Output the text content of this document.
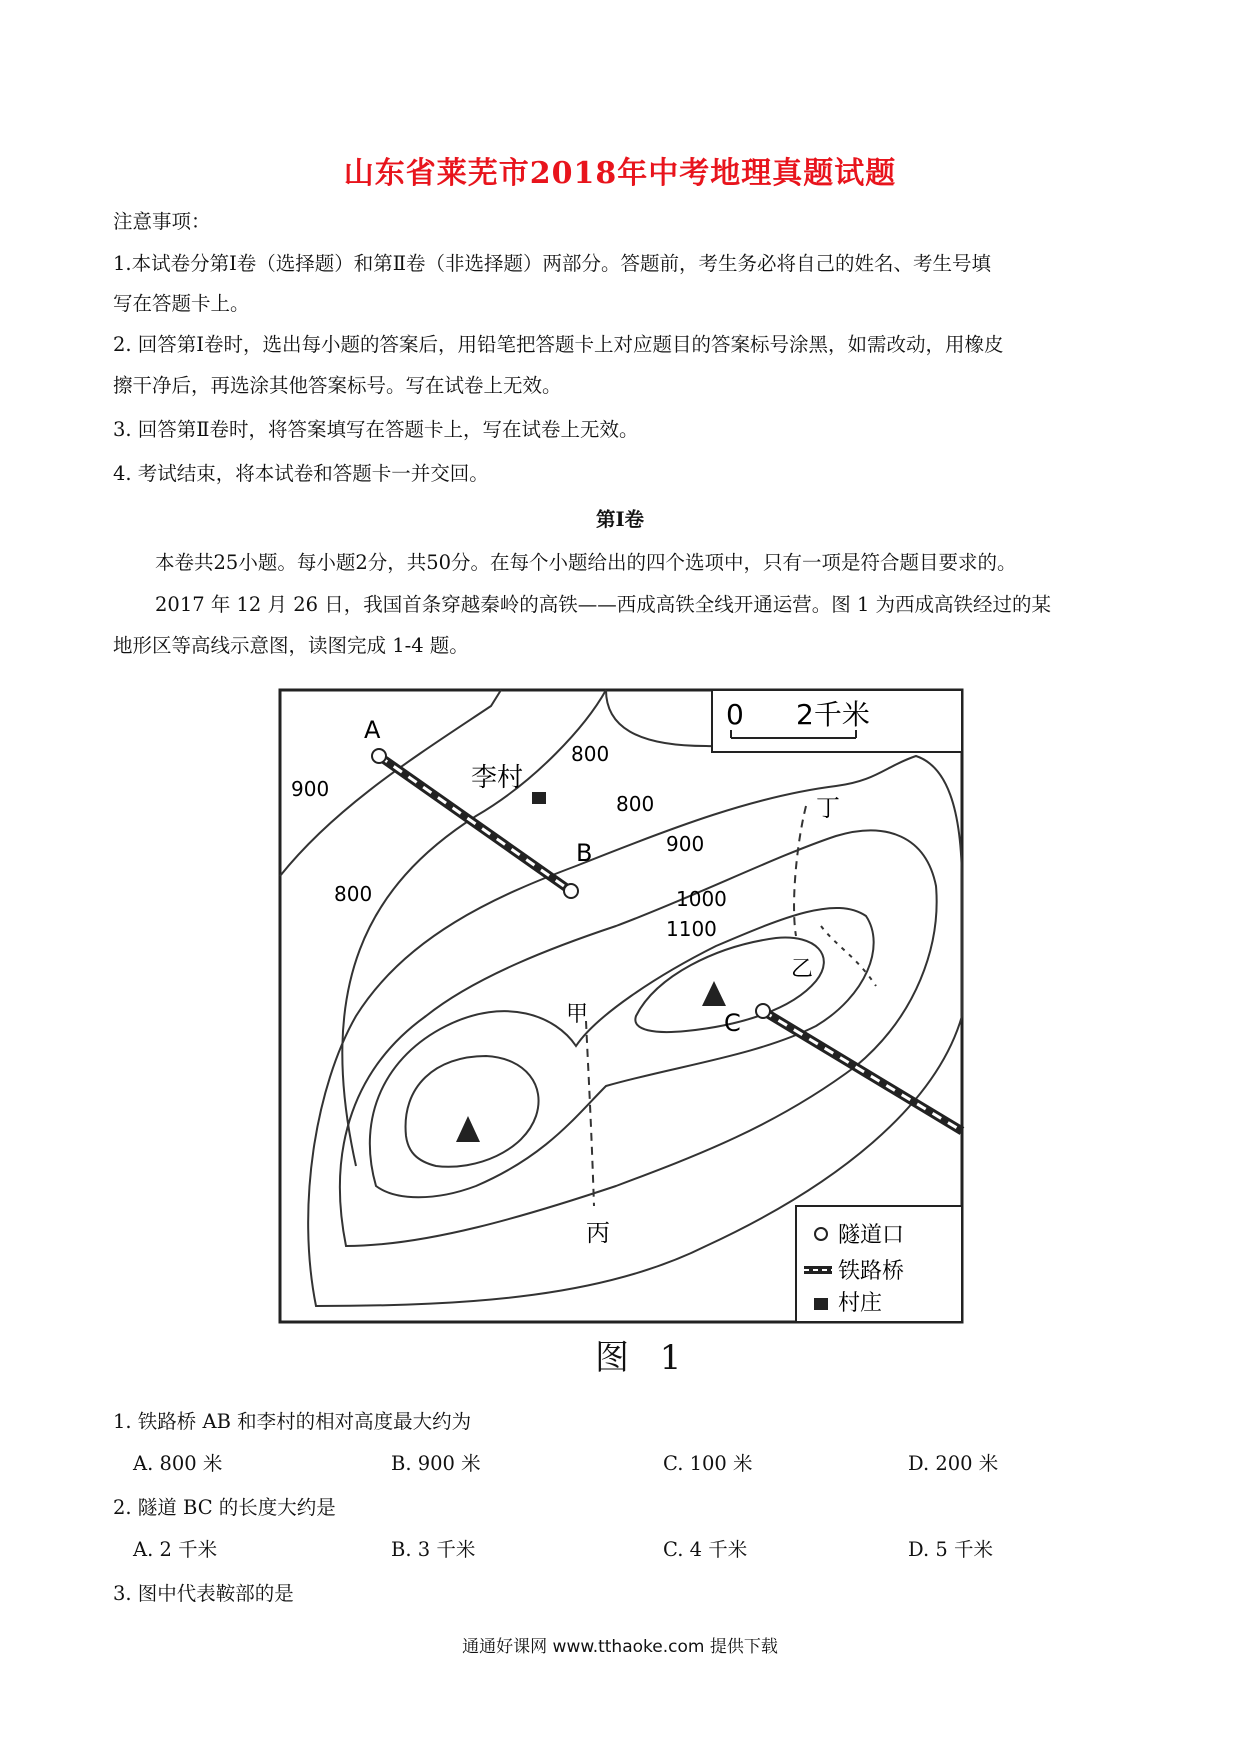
山东省莱芜市2018年中考地理真题试题
注意事项：
1.本试卷分第Ⅰ卷（选择题）和第Ⅱ卷（非选择题）两部分。答题前，考生务必将自己的姓名、考生号填
写在答题卡上。
2. 回答第Ⅰ卷时，选出每小题的答案后，用铅笔把答题卡上对应题目的答案标号涂黑，如需改动，用橡皮
擦干净后，再选涂其他答案标号。写在试卷上无效。
3. 回答第Ⅱ卷时，将答案填写在答题卡上，写在试卷上无效。
4. 考试结束，将本试卷和答题卡一并交回。
第Ⅰ卷
本卷共25小题。每小题2分，共50分。在每个小题给出的四个选项中，只有一项是符合题目要求的。
2017 年 12 月 26 日，我国首条穿越秦岭的高铁——西成高铁全线开通运营。图 1 为西成高铁经过的某
地形区等高线示意图，读图完成 1-4 题。
0 2千米
隧道口
铁路桥
村庄
900
800
800
800
900
1000
1100
A
B
C
甲
乙
丙
丁
李村
图 1
1. 铁路桥 AB 和李村的相对高度最大约为
A. 800 米	B. 900 米	C. 100 米	D. 200 米
2. 隧道 BC 的长度大约是
A. 2 千米	B. 3 千米	C. 4 千米	D. 5 千米
3. 图中代表鞍部的是
通通好课网 www.tthaoke.com 提供下载
